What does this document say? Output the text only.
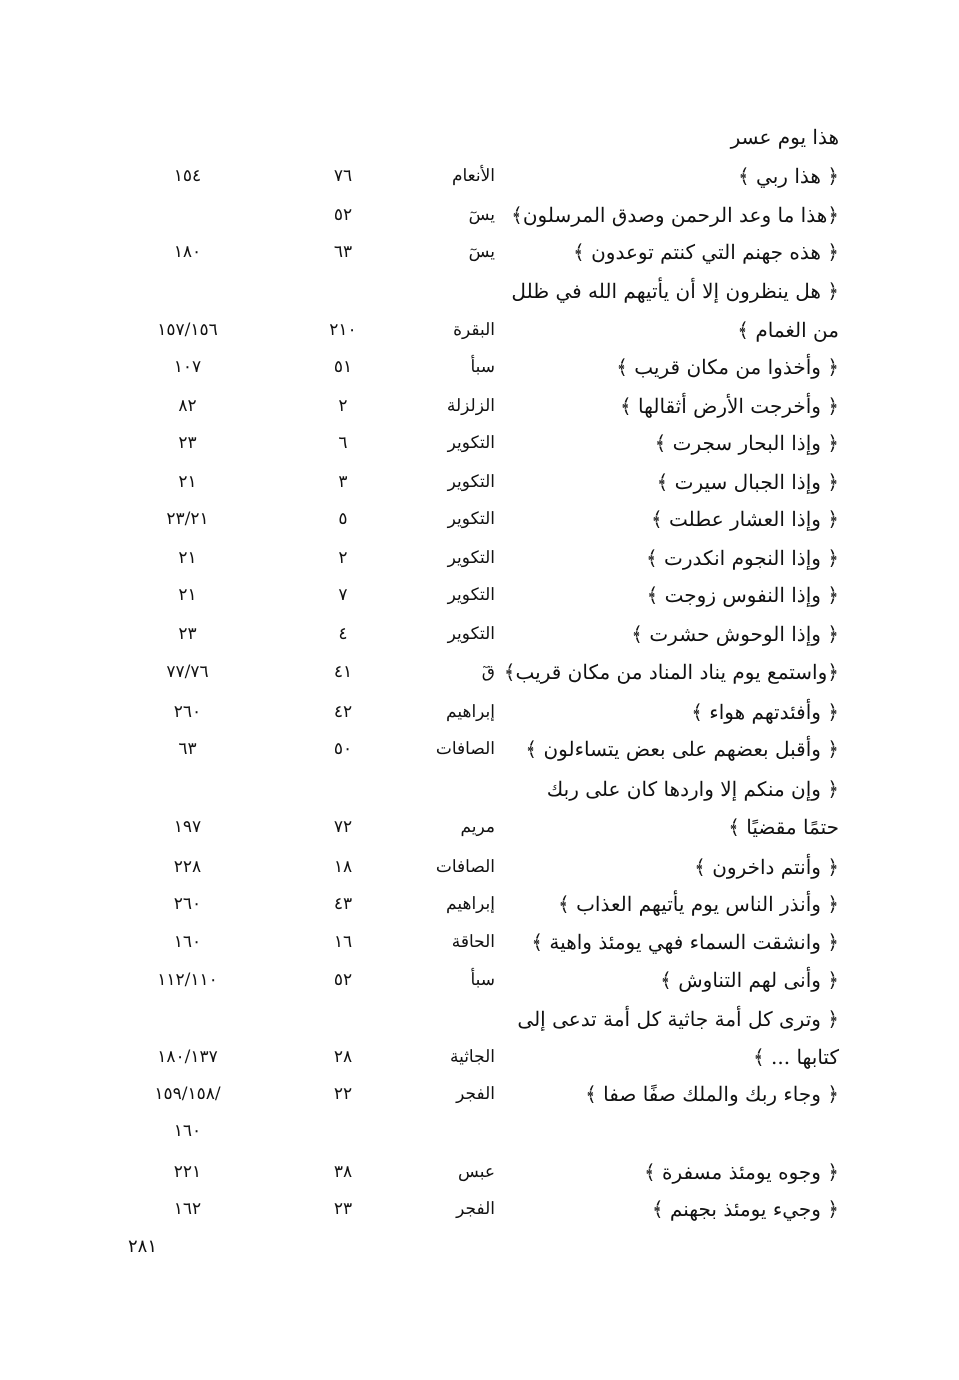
هذا يوم عسر
﴿ هذا ربي ﴾
الأنعام
٧٦
١٥٤
﴿هذا ما وعد الرحمن وصدق المرسلون﴾
يسٓ
٥٢
﴿ هذه جهنم التي كنتم توعدون ﴾
يسٓ
٦٣
١٨٠
﴿ هل ينظرون إلا أن يأتيهم الله في ظلل
من الغمام ﴾
البقرة
٢١٠
١٥٧/١٥٦
﴿ وأخذوا من مكان قريب ﴾
سبأ
٥١
١٠٧
﴿ وأخرجت الأرض أثقالها ﴾
الزلزلة
٢
٨٢
﴿ وإذا البحار سجرت ﴾
التكوير
٦
٢٣
﴿ وإذا الجبال سيرت ﴾
التكوير
٣
٢١
﴿ وإذا العشار عطلت ﴾
التكوير
٥
٢٣/٢١
﴿ وإذا النجوم انكدرت ﴾
التكوير
٢
٢١
﴿ وإذا النفوس زوجت ﴾
التكوير
٧
٢١
﴿ وإذا الوحوش حشرت ﴾
التكوير
٤
٢٣
﴿واستمع يوم يناد المناد من مكان قريب﴾
قٓ
٤١
٧٧/٧٦
﴿ وأفئدتهم هواء ﴾
إبراهيم
٤٢
٢٦٠
﴿ وأقبل بعضهم على بعض يتساءلون ﴾
الصافات
٥٠
٦٣
﴿ وإن منكم إلا واردها كان على ربك
حتمًا مقضيًا ﴾
مريم
٧٢
١٩٧
﴿ وأنتم داخرون ﴾
الصافات
١٨
٢٢٨
﴿ وأنذر الناس يوم يأتيهم العذاب ﴾
إبراهيم
٤٣
٢٦٠
﴿ وانشقت السماء فهي يومئذ واهية ﴾
الحاقة
١٦
١٦٠
﴿ وأنى لهم التناوش ﴾
سبأ
٥٢
١١٢/١١٠
﴿ وترى كل أمة جاثية كل أمة تدعى إلى
كتابها ... ﴾
الجاثية
٢٨
١٨٠/١٣٧
﴿ وجاء ربك والملك صفًا صفا ﴾
الفجر
٢٢
/١٥٩/١٥٨
١٦٠
﴿ وجوه يومئذ مسفرة ﴾
عبس
٣٨
٢٢١
﴿ وجيء يومئذ بجهنم ﴾
الفجر
٢٣
١٦٢
٢٨١
